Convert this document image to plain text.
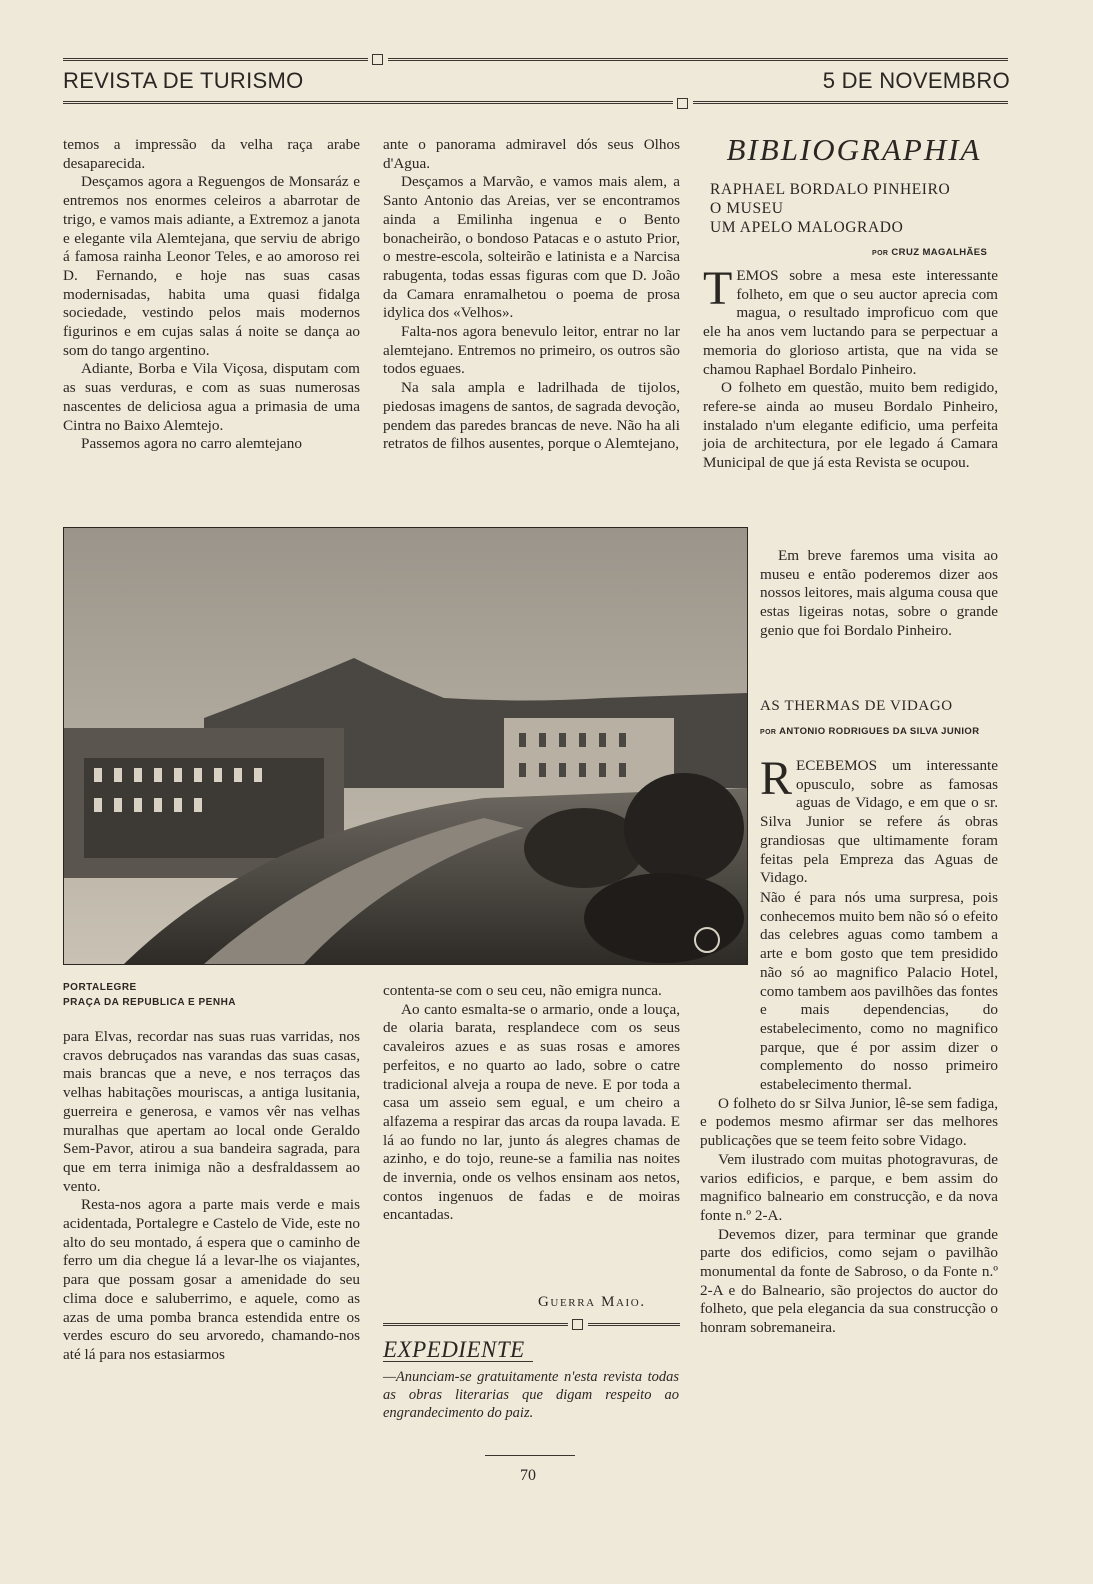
REVISTA DE TURISMO	5 DE NOVEMBRO

temos a impressão da velha raça arabe desaparecida.

Desçamos agora a Reguengos de Monsaráz e entremos nos enormes celeiros a abarrotar de trigo, e vamos mais adiante, a Extremoz a janota e elegante vila Alemtejana, que serviu de abrigo á famosa rainha Leonor Teles, e ao amoroso rei D. Fernando, e hoje nas suas casas modernisadas, habita uma quasi fidalga sociedade, vestindo pelos mais modernos figurinos e em cujas salas á noite se dança ao som do tango argentino.

Adiante, Borba e Vila Viçosa, disputam com as suas verduras, e com as suas numerosas nascentes de deliciosa agua a primasia de uma Cintra no Baixo Alemtejo.

Passemos agora no carro alemtejano

ante o panorama admiravel dós seus Olhos d'Agua.

Desçamos a Marvão, e vamos mais alem, a Santo Antonio das Areias, ver se encontramos ainda a Emilinha ingenua e o Bento bonacheirão, o bondoso Patacas e o astuto Prior, o mestre-escola, solteirão e latinista e a Narcisa rabugenta, todas essas figuras com que D. João da Camara enramalhetou o poema de prosa idylica dos «Velhos».

Falta-nos agora benevulo leitor, entrar no lar alemtejano. Entremos no primeiro, os outros são todos eguaes.

Na sala ampla e ladrilhada de tijolos, piedosas imagens de santos, de sagrada devoção, pendem das paredes brancas de neve. Não ha ali retratos de filhos ausentes, porque o Alemtejano,

BIBLIOGRAPHIA
RAPHAEL BORDALO PINHEIRO
O MUSEU
UM APELO MALOGRADO
POR CRUZ MAGALHÃES

TEMOS sobre a mesa este interessante folheto, em que o seu auctor aprecia com magua, o resultado improficuo com que ele ha anos vem luctando para se perpectuar a memoria do glorioso artista, que na vida se chamou Raphael Bordalo Pinheiro.

O folheto em questão, muito bem redigido, refere-se ainda ao museu Bordalo Pinheiro, instalado n'um elegante edificio, uma perfeita joia de architectura, por ele legado á Camara Municipal de que já esta Revista se ocupou.

Em breve faremos uma visita ao museu e então poderemos dizer aos nossos leitores, mais alguma cousa que estas ligeiras notas, sobre o grande genio que foi Bordalo Pinheiro.

AS THERMAS DE VIDAGO
POR ANTONIO RODRIGUES DA SILVA JUNIOR

RECEBEMOS um interessante opusculo, sobre as famosas aguas de Vidago, e em que o sr. Silva Junior se refere ás obras grandiosas que ultimamente foram feitas pela Empreza das Aguas de Vidago.

Não é para nós uma surpresa, pois conhecemos muito bem não só o efeito das celebres aguas como tambem a arte e bom gosto que tem presidido não só ao magnifico Palacio Hotel, como tambem aos pavilhões das fontes e mais dependencias, do estabelecimento, como no magnifico parque, que é por assim dizer o complemento do nosso primeiro estabelecimento thermal.

O folheto do sr Silva Junior, lê-se sem fadiga, e podemos mesmo afirmar ser das melhores publicações que se teem feito sobre Vidago.

Vem ilustrado com muitas photogravuras, de varios edificios, e parque, e bem assim do magnifico balneario em construcção, e da nova fonte n.º 2-A.

Devemos dizer, para terminar que grande parte dos edificios, como sejam o pavilhão monumental da fonte de Sabroso, o da Fonte n.º 2-A e do Balneario, são projectos do auctor do folheto, que pela elegancia da sua construcção o honram sobremaneira.

PORTALEGRE
PRAÇA DA REPUBLICA E PENHA

para Elvas, recordar nas suas ruas varridas, nos cravos debruçados nas varandas das suas casas, mais brancas que a neve, e nos terraços das velhas habitações mouriscas, a antiga lusitania, guerreira e generosa, e vamos vêr nas velhas muralhas que apertam ao local onde Geraldo Sem-Pavor, atirou a sua bandeira sagrada, para que em terra inimiga não a desfraldassem ao vento.

Resta-nos agora a parte mais verde e mais acidentada, Portalegre e Castelo de Vide, este no alto do seu montado, á espera que o caminho de ferro um dia chegue lá a levar-lhe os viajantes, para que possam gosar a amenidade do seu clima doce e saluberrimo, e aquele, como as azas de uma pomba branca estendida entre os verdes escuro do seu arvoredo, chamando-nos até lá para nos estasiarmos

contenta-se com o seu ceu, não emigra nunca.

Ao canto esmalta-se o armario, onde a louça, de olaria barata, resplandece com os seus cavaleiros azues e as suas rosas e amores perfeitos, e no quarto ao lado, sobre o catre tradicional alveja a roupa de neve. E por toda a casa um asseio sem egual, e um cheiro a alfazema a respirar das arcas da roupa lavada. E lá ao fundo no lar, junto ás alegres chamas de azinho, e do tojo, reune-se a familia nas noites de invernia, onde os velhos ensinam aos netos, contos ingenuos de fadas e de moiras encantadas.

Guerra Maio.
EXPEDIENTE
—Anunciam-se gratuitamente n'esta revista todas as obras literarias que digam respeito ao engrandecimento do paiz.
70
